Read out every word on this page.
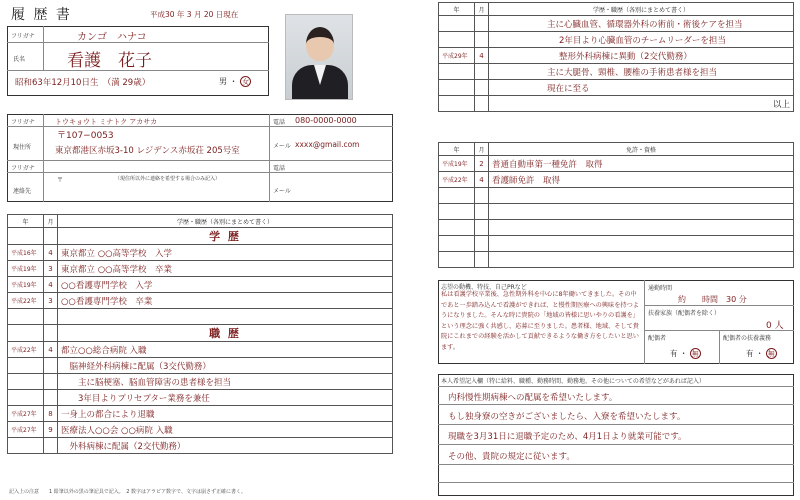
履 歴 書	平成30 年 3 月 20 日現在
フリガナ	カンゴ　ハナコ
氏名 看護　花子
昭和63年12月10日生　（満 29歳）	男 ・ 女
フリガナ	トウキョウト ミナトク アカサカ
〒107−0053
現住所	東京都港区赤坂3-10 レジデンス赤坂荘 205号室
電話 080-0000-0000
メール xxxx@gmail.com
フリガナ
連絡先
〒	（現住所以外に連絡を希望する場合のみ記入）
電話
メール
年	月	学歴・職歴（各別にまとめて書く）
		学 歴
平成16年	4	東京都立 ○○高等学校　入学
平成19年	3	東京都立 ○○高等学校　卒業
平成19年	4	○○看護専門学校　入学
平成22年	3	○○看護専門学校　卒業

		職 歴
平成22年	4	都立○○総合病院 入職
		　脳神経外科病棟に配属（3交代勤務）
		　　主に脳梗塞、脳血管障害の患者様を担当
		　　3年目よりプリセプター業務を兼任
平成27年	8	一身上の都合により退職
平成27年	9	医療法人○○会 ○○病院 入職
		　外科病棟に配属（2交代勤務）
記入上の注意　　1 鉛筆以外の黒の筆記具で記入。　2 数字はアラビア数字で、文字は崩さず正確に書く。
年	月	学歴・職歴（各別にまとめて書く）
		主に心臓血管、循環器外科の術前・術後ケアを担当
		2年目より心臓血管のチームリーダーを担当
平成29年	4	整形外科病棟に異動（2交代勤務）
		主に大腿骨、頸椎、腰椎の手術患者様を担当
		現在に至る
		以上
年	月	免許・資格
平成19年	2	普通自動車第一種免許　取得
平成22年	4	看護師免許　取得

志望の動機、特技、自己PRなど
私は看護学校卒業後、急性期外科を中心に8年働いてきました。その中であと一歩踏み込んで看護ができれば、と慢性期医療への興味を持つようになりました。そんな時に貴院の「地域の皆様に思いやりの看護を」という理念に強く共感し、応募に至りました。患者様、地域、そして貴院にこれまでの経験を活かして貢献できるような働き方をしたいと思います。
通勤時間
約　　時間　30 分
扶養家族（配偶者を除く）
0 人
配偶者
有 ・ 無
配偶者の扶養義務
有 ・ 無
本人希望記入欄（特に給料、職種、勤務時間、勤務地、その他についての希望などがあれば記入）
内科慢性期病棟への配属を希望いたします。
もし独身寮の空きがございましたら、入寮を希望いたします。
現職を3月31日に退職予定のため、4月1日より就業可能です。
その他、貴院の規定に従います。
